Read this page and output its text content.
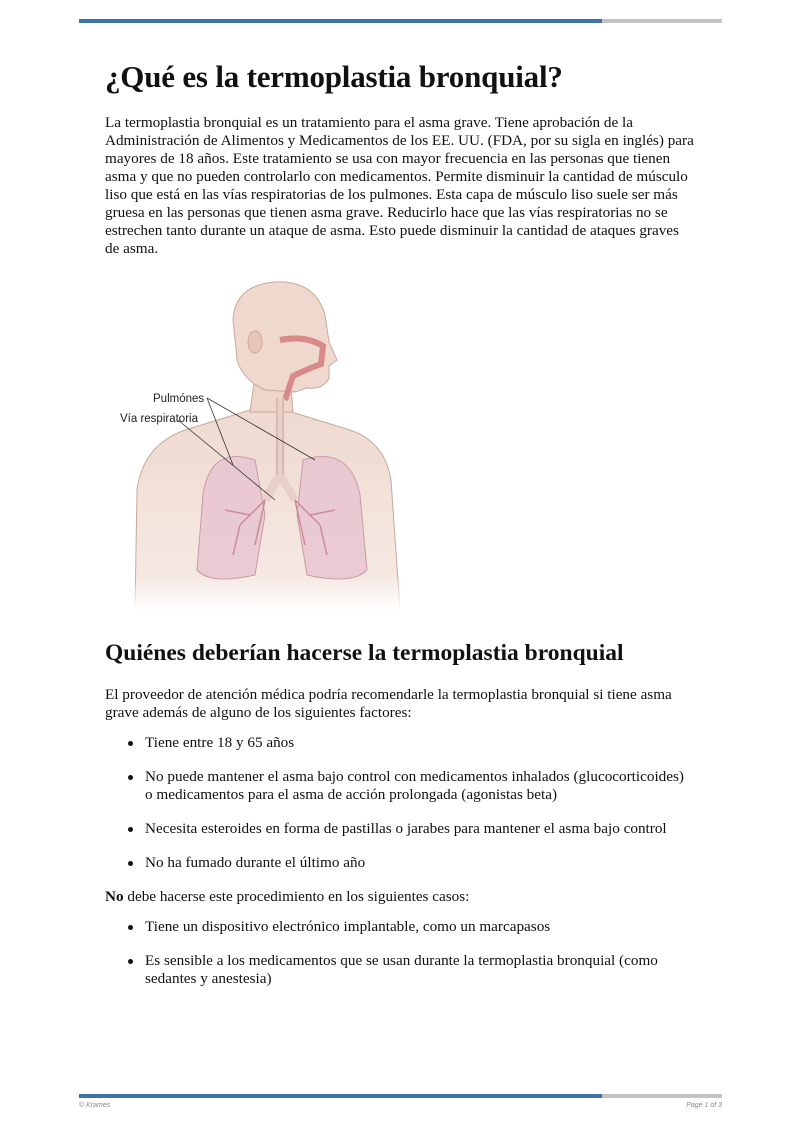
¿Qué es la termoplastia bronquial?

La termoplastia bronquial es un tratamiento para el asma grave. Tiene aprobación de la Administración de Alimentos y Medicamentos de los EE. UU. (FDA, por su sigla en inglés) para mayores de 18 años. Este tratamiento se usa con mayor frecuencia en las personas que tienen asma y que no pueden controlarlo con medicamentos. Permite disminuir la cantidad de músculo liso que está en las vías respiratorias de los pulmones. Esta capa de músculo liso suele ser más gruesa en las personas que tienen asma grave. Reducirlo hace que las vías respiratorias no se estrechen tanto durante un ataque de asma. Esto puede disminuir la cantidad de ataques graves de asma.

Pulmónes
Vía respiratoria
Quiénes deberían hacerse la termoplastia bronquial

El proveedor de atención médica podría recomendarle la termoplastia bronquial si tiene asma grave además de alguno de los siguientes factores:

Tiene entre 18 y 65 años
No puede mantener el asma bajo control con medicamentos inhalados (glucocorticoides) o medicamentos para el asma de acción prolongada (agonistas beta)
Necesita esteroides en forma de pastillas o jarabes para mantener el asma bajo control
No ha fumado durante el último año

No debe hacerse este procedimiento en los siguientes casos:

Tiene un dispositivo electrónico implantable, como un marcapasos
Es sensible a los medicamentos que se usan durante la termoplastia bronquial (como sedantes y anestesia)
© Krames	Page 1 of 3
